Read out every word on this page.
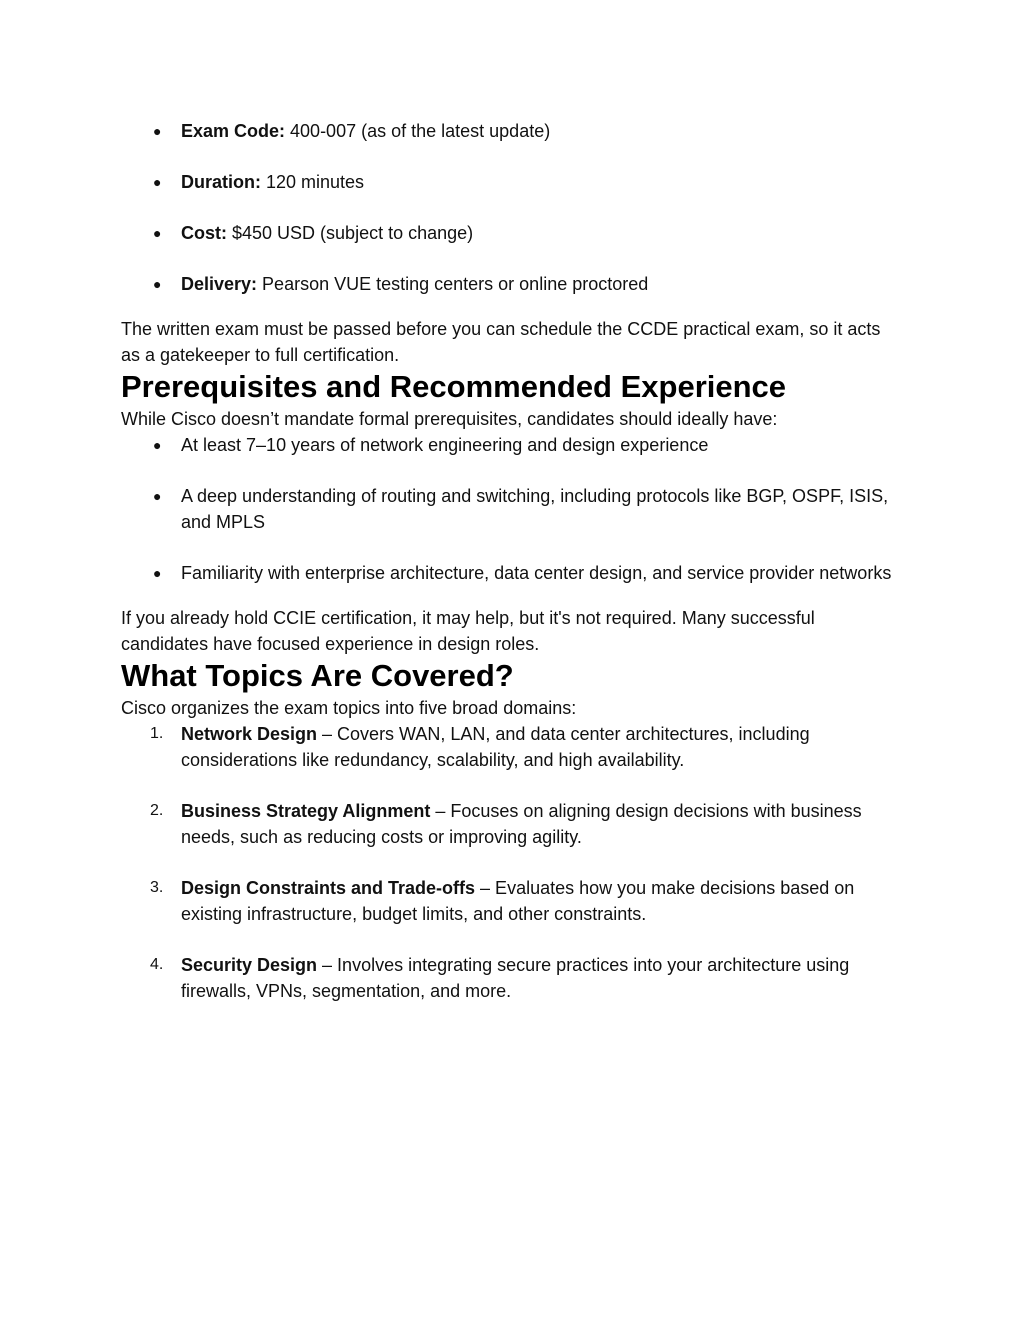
● Exam Code: 400-007 (as of the latest update)
● Duration: 120 minutes
● Cost: $450 USD (subject to change)
● Delivery: Pearson VUE testing centers or online proctored

The written exam must be passed before you can schedule the CCDE practical exam, so it acts as a gatekeeper to full certification.

Prerequisites and Recommended Experience

While Cisco doesn’t mandate formal prerequisites, candidates should ideally have:

● At least 7–10 years of network engineering and design experience
● A deep understanding of routing and switching, including protocols like BGP, OSPF, ISIS, and MPLS
● Familiarity with enterprise architecture, data center design, and service provider networks

If you already hold CCIE certification, it may help, but it's not required. Many successful candidates have focused experience in design roles.

What Topics Are Covered?

Cisco organizes the exam topics into five broad domains:

1. Network Design – Covers WAN, LAN, and data center architectures, including considerations like redundancy, scalability, and high availability.
2. Business Strategy Alignment – Focuses on aligning design decisions with business needs, such as reducing costs or improving agility.
3. Design Constraints and Trade-offs – Evaluates how you make decisions based on existing infrastructure, budget limits, and other constraints.
4. Security Design – Involves integrating secure practices into your architecture using firewalls, VPNs, segmentation, and more.
